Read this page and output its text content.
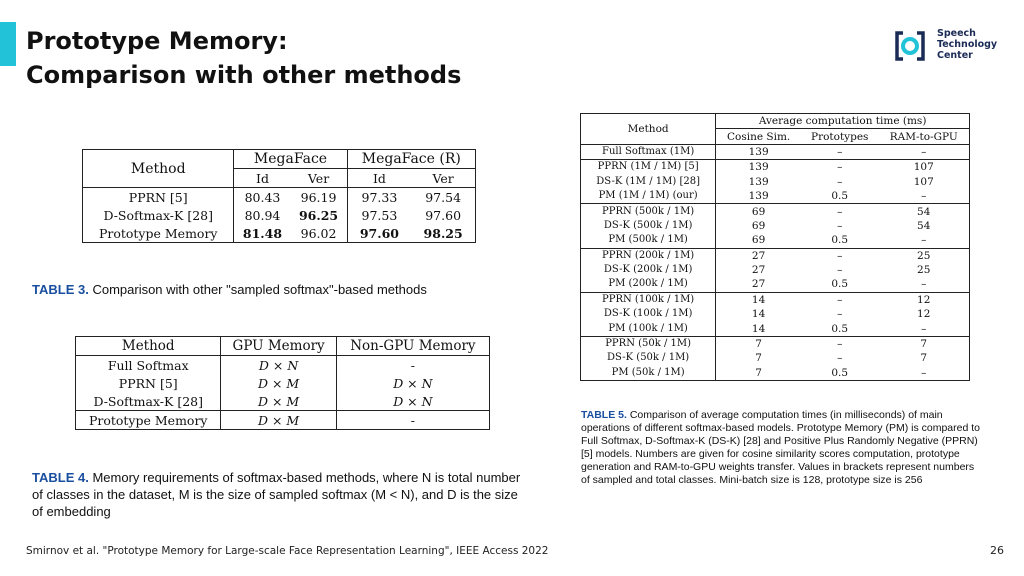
Prototype Memory:
Comparison with other methods
Speech
Technology
Center
Method	MegaFace		MegaFace (R)	
	Id	Ver	Id	Ver
PPRN [5]	80.43	96.19	97.33	97.54
D-Softmax-K [28]	80.94	96.25	97.53	97.60
Prototype Memory	81.48	96.02	97.60	98.25
TABLE 3. Comparison with other "sampled softmax"-based methods
Method	GPU Memory	Non-GPU Memory
Full Softmax	D × N	-
PPRN [5]	D × M	D × N
D-Softmax-K [28]	D × M	D × N
Prototype Memory	D × M	-
TABLE 4. Memory requirements of softmax-based methods, where N is total number of classes in the dataset, M is the size of sampled softmax (M < N), and D is the size of embedding
Method	Average computation time (ms)		
	Cosine Sim.	Prototypes	RAM-to-GPU
Full Softmax (1M)	139	–	–
PPRN (1M / 1M) [5]	139	–	107
DS-K (1M / 1M) [28]	139	–	107
PM (1M / 1M) (our)	139	0.5	–
PPRN (500k / 1M)	69	–	54
DS-K (500k / 1M)	69	–	54
PM (500k / 1M)	69	0.5	–
PPRN (200k / 1M)	27	–	25
DS-K (200k / 1M)	27	–	25
PM (200k / 1M)	27	0.5	–
PPRN (100k / 1M)	14	–	12
DS-K (100k / 1M)	14	–	12
PM (100k / 1M)	14	0.5	–
PPRN (50k / 1M)	7	–	7
DS-K (50k / 1M)	7	–	7
PM (50k / 1M)	7	0.5	–
TABLE 5. Comparison of average computation times (in milliseconds) of main operations of different softmax-based models. Prototype Memory (PM) is compared to Full Softmax, D-Softmax-K (DS-K) [28] and Positive Plus Randomly Negative (PPRN) [5] models. Numbers are given for cosine similarity scores computation, prototype generation and RAM-to-GPU weights transfer. Values in brackets represent numbers of sampled and total classes. Mini-batch size is 128, prototype size is 256
Smirnov et al. "Prototype Memory for Large-scale Face Representation Learning", IEEE Access 2022	26
